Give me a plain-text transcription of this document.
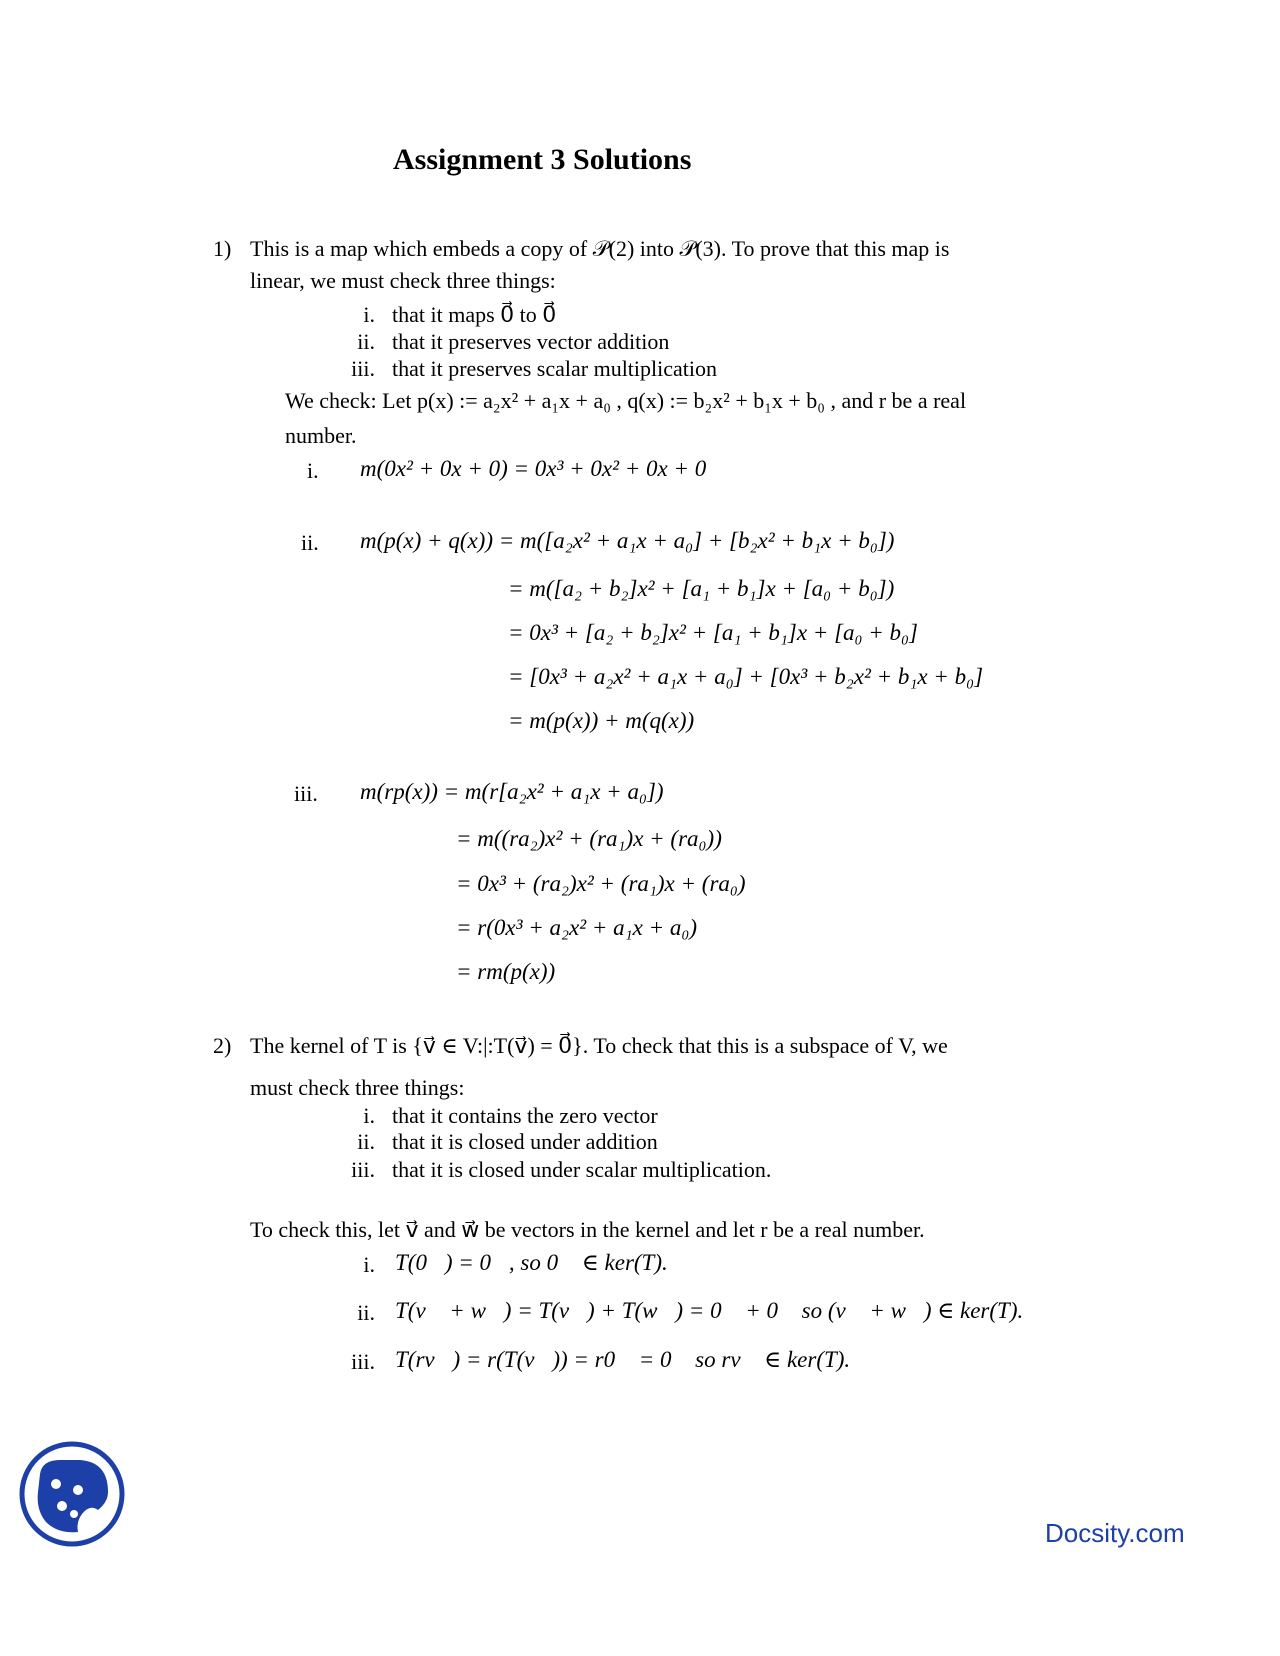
Assignment 3 Solutions
1) This is a map which embeds a copy of 𝒫(2) into 𝒫(3). To prove that this map is
linear, we must check three things:
i. that it maps 0⃗ to 0⃗
ii. that it preserves vector addition
iii. that it preserves scalar multiplication
We check: Let p(x) := a₂x² + a₁x + a₀ , q(x) := b₂x² + b₁x + b₀ , and r be a real
number.
i. m(0x² + 0x + 0) = 0x³ + 0x² + 0x + 0
ii. m(p(x) + q(x)) = m([a₂x² + a₁x + a₀] + [b₂x² + b₁x + b₀])
= m([a₂ + b₂]x² + [a₁ + b₁]x + [a₀ + b₀])
= 0x³ + [a₂ + b₂]x² + [a₁ + b₁]x + [a₀ + b₀]
= [0x³ + a₂x² + a₁x + a₀] + [0x³ + b₂x² + b₁x + b₀]
= m(p(x)) + m(q(x))
iii. m(rp(x)) = m(r[a₂x² + a₁x + a₀])
= m((ra₂)x² + (ra₁)x + (ra₀))
= 0x³ + (ra₂)x² + (ra₁)x + (ra₀)
= r(0x³ + a₂x² + a₁x + a₀)
= rm(p(x))
2) The kernel of T is {v⃗ ∈ V:|:T(v⃗) = 0⃗}. To check that this is a subspace of V, we
must check three things:
i. that it contains the zero vector
ii. that it is closed under addition
iii. that it is closed under scalar multiplication.
To check this, let v⃗ and w⃗ be vectors in the kernel and let r be a real number.
i. T(0⃗) = 0⃗, so 0⃗ ∈ ker(T).
ii. T(v⃗ + w⃗) = T(v⃗) + T(w⃗) = 0⃗ + 0⃗ so (v⃗ + w⃗) ∈ ker(T).
iii. T(rv⃗) = r(T(v⃗)) = r0⃗ = 0⃗ so rv⃗ ∈ ker(T).
Docsity.com
